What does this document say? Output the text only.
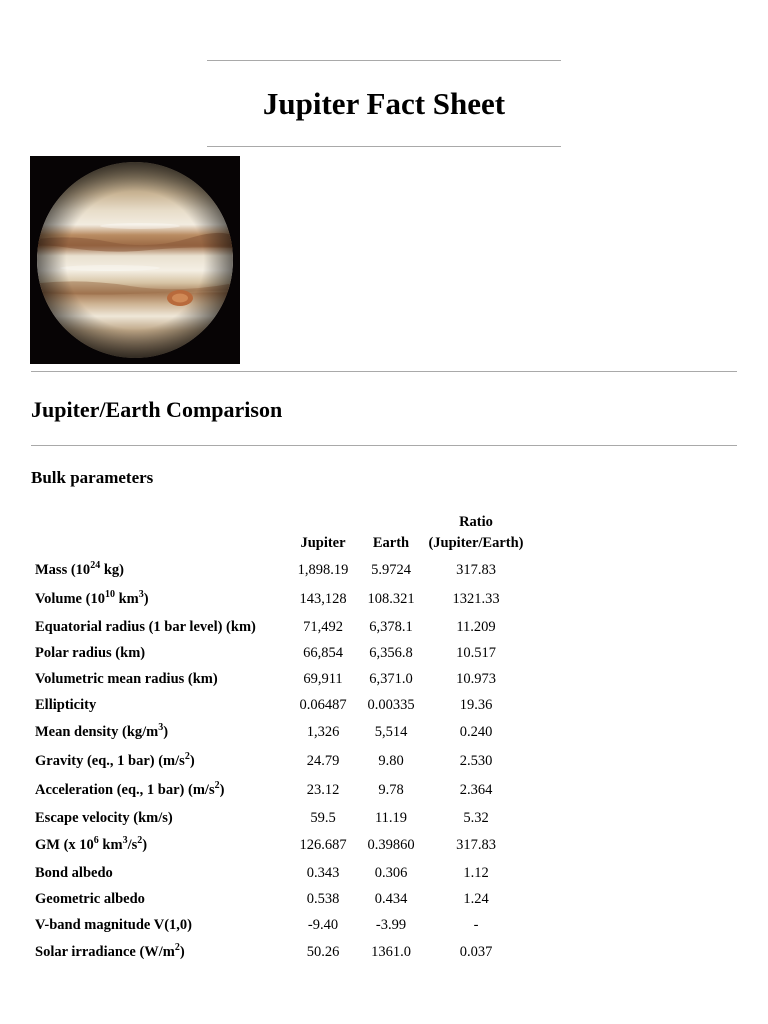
Jupiter Fact Sheet
Jupiter/Earth Comparison
Bulk parameters
	Jupiter	Earth	Ratio
(Jupiter/Earth)
Mass ($10^{24}$ kg)	1,898.19	5.9724	317.83
Volume ($10^{10}$ $km^3$)	143,128	108.321	1321.33
Equatorial radius (1 bar level) (km)	71,492	6,378.1	11.209
Polar radius (km)	66,854	6,356.8	10.517
Volumetric mean radius (km)	69,911	6,371.0	10.973
Ellipticity	0.06487	0.00335	19.36
Mean density $(kg/m^3)$	1,326	5,514	0.240
Gravity (eq., 1 bar) $(m/s^2)$	24.79	9.80	2.530
Acceleration (eq., 1 bar) $(m/s^2)$	23.12	9.78	2.364
Escape velocity (km/s)	59.5	11.19	5.32
GM (x $10^6$ $km^3/s^2$)	126.687	0.39860	317.83
Bond albedo	0.343	0.306	1.12
Geometric albedo	0.538	0.434	1.24
V-band magnitude V(1,0)	-9.40	-3.99	-
Solar irradiance $(W/m^2)$	50.26	1361.0	0.037
